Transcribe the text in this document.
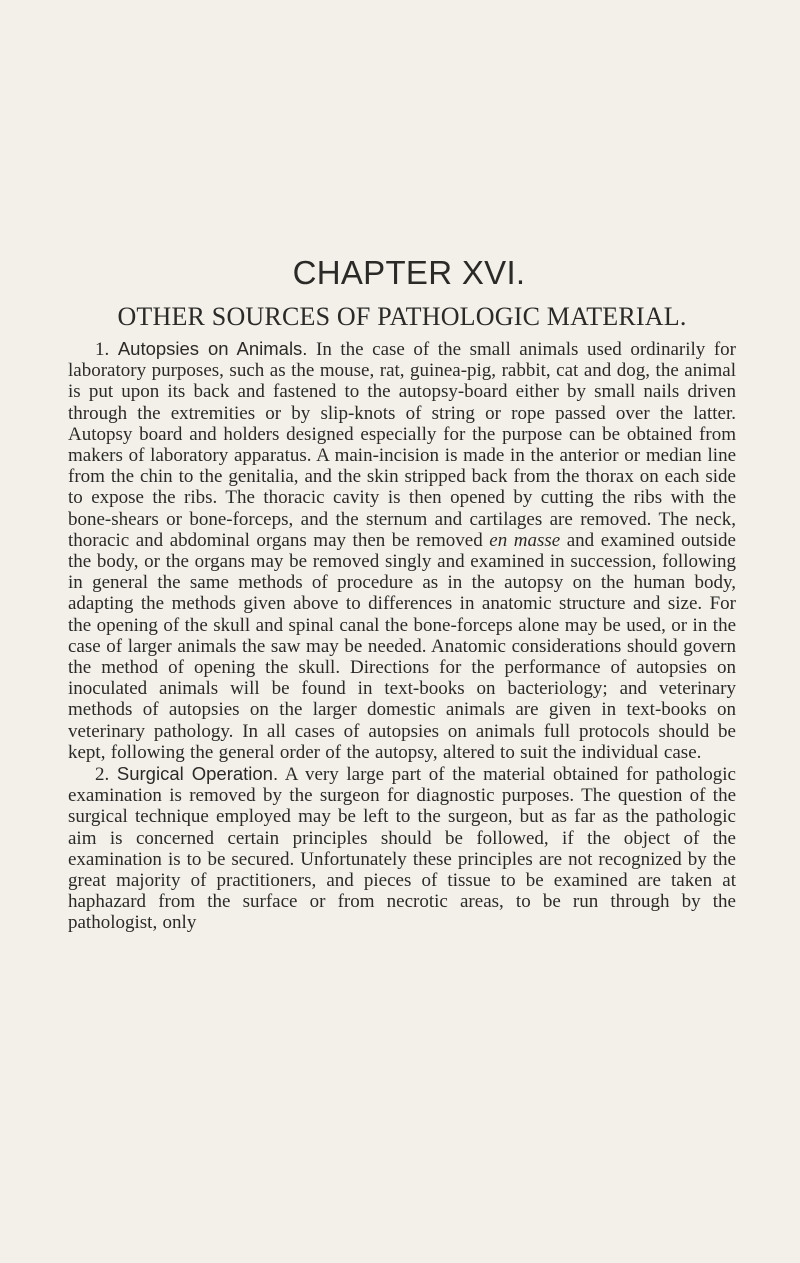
CHAPTER XVI.
OTHER SOURCES OF PATHOLOGIC MATERIAL.

1. Autopsies on Animals. In the case of the small animals used ordinarily for laboratory purposes, such as the mouse, rat, guinea-pig, rabbit, cat and dog, the animal is put upon its back and fastened to the autopsy-board either by small nails driven through the extremities or by slip-knots of string or rope passed over the latter. Autopsy board and holders designed especially for the purpose can be obtained from makers of laboratory apparatus. A main-incision is made in the anterior or median line from the chin to the genitalia, and the skin stripped back from the thorax on each side to expose the ribs. The thoracic cavity is then opened by cutting the ribs with the bone-shears or bone-forceps, and the sternum and cartilages are removed. The neck, thoracic and abdominal organs may then be removed en masse and examined outside the body, or the organs may be removed singly and examined in succession, following in general the same methods of procedure as in the autopsy on the human body, adapting the methods given above to differences in anatomic structure and size. For the opening of the skull and spinal canal the bone-forceps alone may be used, or in the case of larger animals the saw may be needed. Anatomic considerations should govern the method of opening the skull. Directions for the performance of autopsies on inoculated animals will be found in text-books on bacteriology; and veterinary methods of autopsies on the larger domestic animals are given in text-books on veterinary pathology. In all cases of autopsies on animals full protocols should be kept, following the general order of the autopsy, altered to suit the individual case.

2. Surgical Operation. A very large part of the material obtained for pathologic examination is removed by the surgeon for diagnostic purposes. The question of the surgical technique employed may be left to the surgeon, but as far as the pathologic aim is concerned certain principles should be followed, if the object of the examination is to be secured. Unfortunately these principles are not recognized by the great majority of practitioners, and pieces of tissue to be examined are taken at haphazard from the surface or from necrotic areas, to be run through by the pathologist, only
